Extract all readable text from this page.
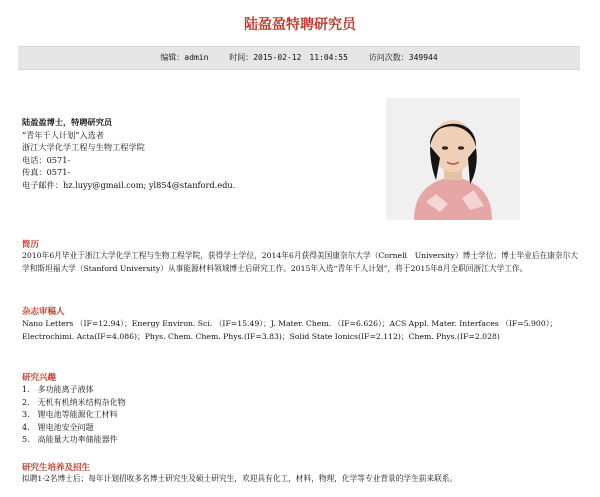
陆盈盈特聘研究员
编辑：admin	时间：2015-02-12　11:04:55	访问次数：349944
陆盈盈博士，特聘研究员
“青年千人计划”入选者
浙江大学化学工程与生物工程学院
电话：0571-
传真：0571-
电子邮件：hz.luyy@gmail.com; yl854@stanford.edu.
简历
2010年6月毕业于浙江大学化学工程与生物工程学院，获得学士学位，2014年6月获得美国康奈尔大学（Cornell　University）博士学位；博士毕业后在康奈尔大学和斯坦福大学（Stanford University）从事能源材料领域博士后研究工作。2015年入选“青年千人计划”，将于2015年8月全职回浙江大学工作。
杂志审稿人
Nano Letters （IF=12.94）；Energy Environ. Sci. （IF=15.49）；J. Mater. Chem. （IF=6.626）；ACS Appl. Mater. Interfaces （IF=5.900）；Electrochimi. Acta(IF=4.086)；Phys. Chem. Chem. Phys.(IF=3.83)；Solid State Ionics(IF=2.112)；Chem. Phys.(IF=2.028)
研究兴趣
1.　多功能离子液体
2.　无机有机纳米结构杂化物
3.　锂电池等能源化工材料
4.　锂电池安全问题
5.　高能量大功率储能器件
研究生培养及招生
拟聘1-2名博士后；每年计划招收多名博士研究生及硕士研究生，欢迎具有化工，材料，物理，化学等专业背景的学生前来联系。
